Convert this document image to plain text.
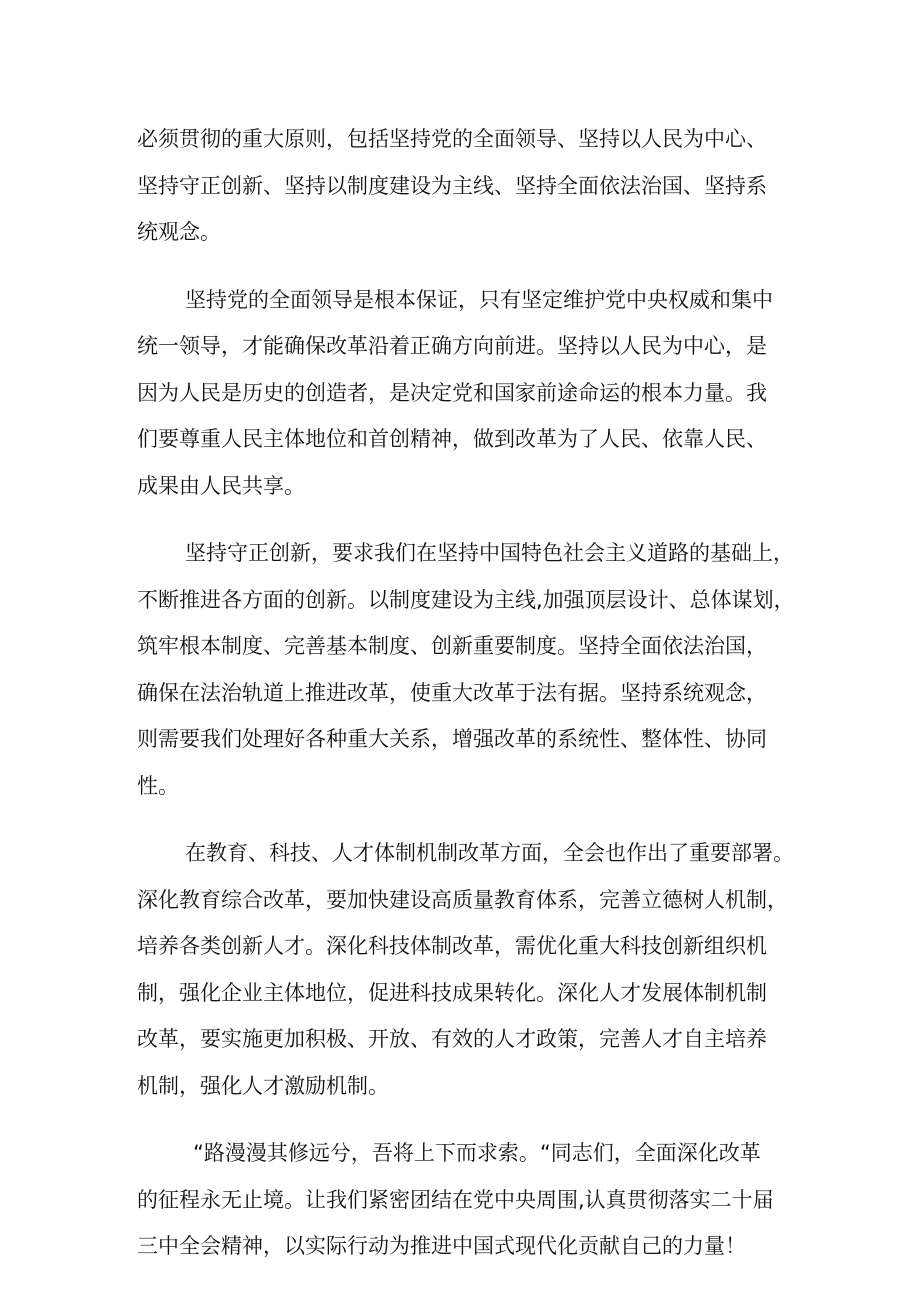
必须贯彻的重大原则，包括坚持党的全面领导、坚持以人民为中心、
坚持守正创新、坚持以制度建设为主线、坚持全面依法治国、坚持系
统观念。
坚持党的全面领导是根本保证，只有坚定维护党中央权威和集中
统一领导，才能确保改革沿着正确方向前进。坚持以人民为中心，是
因为人民是历史的创造者，是决定党和国家前途命运的根本力量。我
们要尊重人民主体地位和首创精神，做到改革为了人民、依靠人民、
成果由人民共享。
坚持守正创新，要求我们在坚持中国特色社会主义道路的基础上，
不断推进各方面的创新。以制度建设为主线,加强顶层设计、总体谋划，
筑牢根本制度、完善基本制度、创新重要制度。坚持全面依法治国，
确保在法治轨道上推进改革，使重大改革于法有据。坚持系统观念，
则需要我们处理好各种重大关系，增强改革的系统性、整体性、协同
性。
在教育、科技、人才体制机制改革方面，全会也作出了重要部署。
深化教育综合改革，要加快建设高质量教育体系，完善立德树人机制，
培养各类创新人才。深化科技体制改革，需优化重大科技创新组织机
制，强化企业主体地位，促进科技成果转化。深化人才发展体制机制
改革，要实施更加积极、开放、有效的人才政策，完善人才自主培养
机制，强化人才激励机制。
“路漫漫其修远兮，吾将上下而求索。“同志们，全面深化改革
的征程永无止境。让我们紧密团结在党中央周围,认真贯彻落实二十届
三中全会精神，以实际行动为推进中国式现代化贡献自己的力量！
